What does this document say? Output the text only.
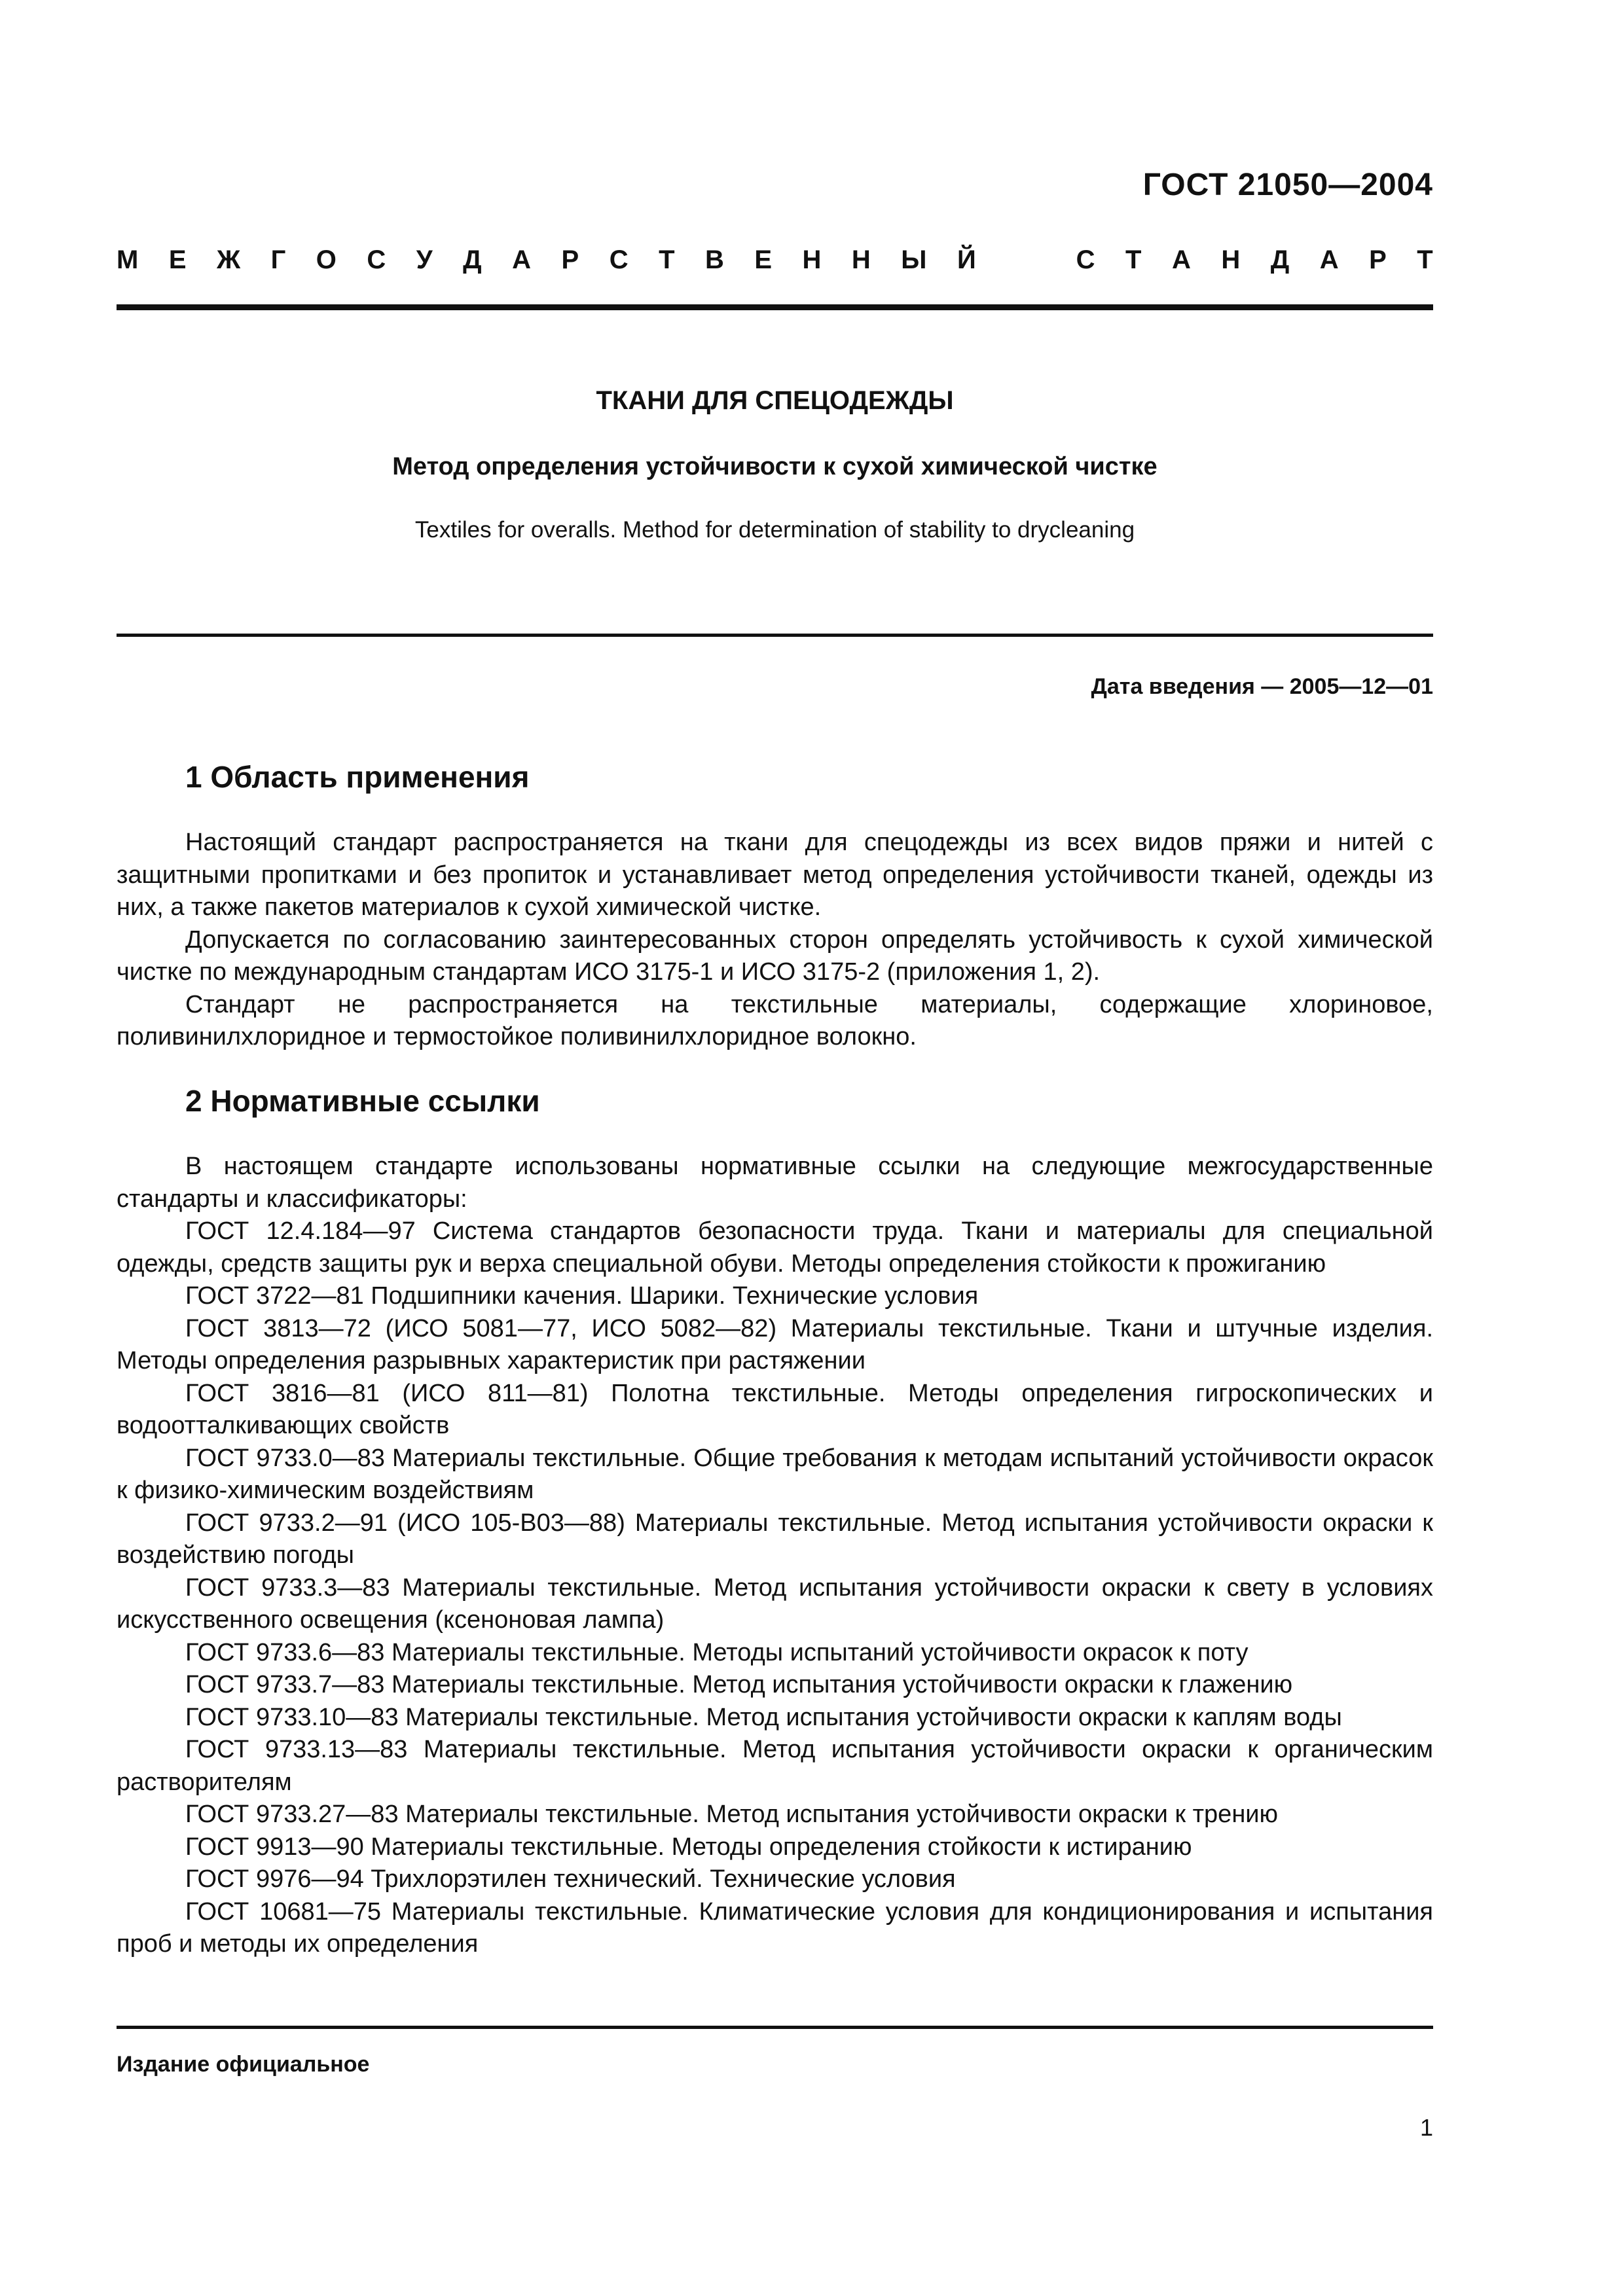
ГОСТ 21050—2004
М Е Ж Г О С У Д А Р С Т В Е Н Н Ы Й	С Т А Н Д А Р Т
ТКАНИ ДЛЯ СПЕЦОДЕЖДЫ
Метод определения устойчивости к сухой химической чистке
Textiles for overalls. Method for determination of stability to drycleaning
Дата введения — 2005—12—01
1 Область применения

Настоящий стандарт распространяется на ткани для спецодежды из всех видов пряжи и нитей с защитными пропитками и без пропиток и устанавливает метод определения устойчивости тканей, одежды из них, а также пакетов материалов к сухой химической чистке.

Допускается по согласованию заинтересованных сторон определять устойчивость к сухой химической чистке по международным стандартам ИСО 3175-1 и ИСО 3175-2 (приложения 1, 2).

Стандарт не распространяется на текстильные материалы, содержащие хлориновое, поливинилхлоридное и термостойкое поливинилхлоридное волокно.

2 Нормативные ссылки

В настоящем стандарте использованы нормативные ссылки на следующие межгосударственные стандарты и классификаторы:

ГОСТ 12.4.184—97 Система стандартов безопасности труда. Ткани и материалы для специальной одежды, средств защиты рук и верха специальной обуви. Методы определения стойкости к прожиганию

ГОСТ 3722—81 Подшипники качения. Шарики. Технические условия

ГОСТ 3813—72 (ИСО 5081—77, ИСО 5082—82) Материалы текстильные. Ткани и штучные изделия. Методы определения разрывных характеристик при растяжении

ГОСТ 3816—81 (ИСО 811—81) Полотна текстильные. Методы определения гигроскопических и водоотталкивающих свойств

ГОСТ 9733.0—83 Материалы текстильные. Общие требования к методам испытаний устойчивости окрасок к физико-химическим воздействиям

ГОСТ 9733.2—91 (ИСО 105-В03—88) Материалы текстильные. Метод испытания устойчивости окраски к воздействию погоды

ГОСТ 9733.3—83 Материалы текстильные. Метод испытания устойчивости окраски к свету в условиях искусственного освещения (ксеноновая лампа)

ГОСТ 9733.6—83 Материалы текстильные. Методы испытаний устойчивости окрасок к поту

ГОСТ 9733.7—83 Материалы текстильные. Метод испытания устойчивости окраски к глажению

ГОСТ 9733.10—83 Материалы текстильные. Метод испытания устойчивости окраски к каплям воды

ГОСТ 9733.13—83 Материалы текстильные. Метод испытания устойчивости окраски к органическим растворителям

ГОСТ 9733.27—83 Материалы текстильные. Метод испытания устойчивости окраски к трению

ГОСТ 9913—90 Материалы текстильные. Методы определения стойкости к истиранию

ГОСТ 9976—94 Трихлорэтилен технический. Технические условия

ГОСТ 10681—75 Материалы текстильные. Климатические условия для кондиционирования и испытания проб и методы их определения

Издание официальное
1
